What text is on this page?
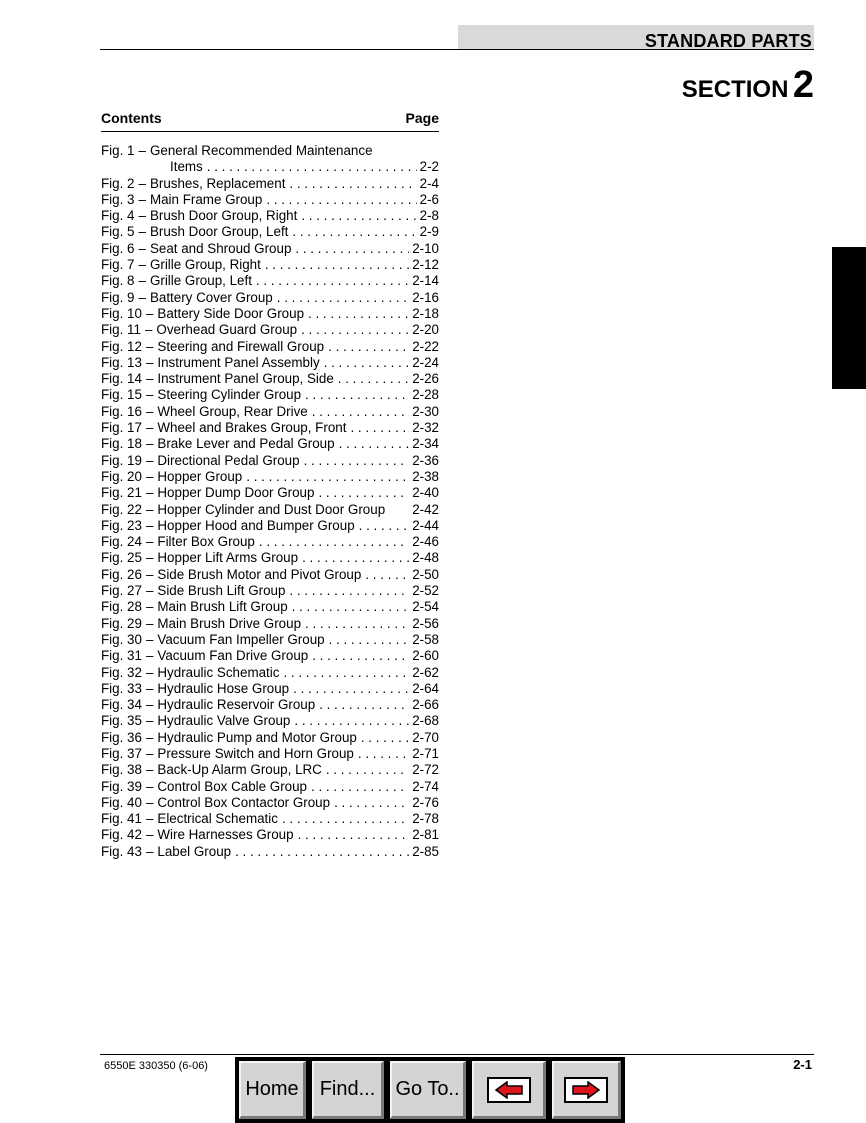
STANDARD PARTS
SECTION 2
Contents	Page
Fig. 1 – General Recommended Maintenance
Items . . .	2-2
Fig. 2 – Brushes, Replacement . . .	2-4
Fig. 3 – Main Frame Group . . .	2-6
Fig. 4 – Brush Door Group, Right . . .	2-8
Fig. 5 – Brush Door Group, Left . . .	2-9
Fig. 6 – Seat and Shroud Group . . .	2-10
Fig. 7 – Grille Group, Right . . .	2-12
Fig. 8 – Grille Group, Left . . .	2-14
Fig. 9 – Battery Cover Group . . .	2-16
Fig. 10 – Battery Side Door Group . . .	2-18
Fig. 11 – Overhead Guard Group . . .	2-20
Fig. 12 – Steering and Firewall Group . . .	2-22
Fig. 13 – Instrument Panel Assembly . . .	2-24
Fig. 14 – Instrument Panel Group, Side . . .	2-26
Fig. 15 – Steering Cylinder Group . . .	2-28
Fig. 16 – Wheel Group, Rear Drive . . .	2-30
Fig. 17 – Wheel and Brakes Group, Front . . .	2-32
Fig. 18 – Brake Lever and Pedal Group . . .	2-34
Fig. 19 – Directional Pedal Group . . .	2-36
Fig. 20 – Hopper Group . . .	2-38
Fig. 21 – Hopper Dump Door Group . . .	2-40
Fig. 22 – Hopper Cylinder and Dust Door Group 2-42
Fig. 23 – Hopper Hood and Bumper Group . . .	2-44
Fig. 24 – Filter Box Group . . .	2-46
Fig. 25 – Hopper Lift Arms Group . . .	2-48
Fig. 26 – Side Brush Motor and Pivot Group . . .	2-50
Fig. 27 – Side Brush Lift Group . . .	2-52
Fig. 28 – Main Brush Lift Group . . .	2-54
Fig. 29 – Main Brush Drive Group . . .	2-56
Fig. 30 – Vacuum Fan Impeller Group . . .	2-58
Fig. 31 – Vacuum Fan Drive Group . . .	2-60
Fig. 32 – Hydraulic Schematic . . .	2-62
Fig. 33 – Hydraulic Hose Group . . .	2-64
Fig. 34 – Hydraulic Reservoir Group . . .	2-66
Fig. 35 – Hydraulic Valve Group . . .	2-68
Fig. 36 – Hydraulic Pump and Motor Group . . .	2-70
Fig. 37 – Pressure Switch and Horn Group . . .	2-71
Fig. 38 – Back-Up Alarm Group, LRC . . .	2-72
Fig. 39 – Control Box Cable Group . . .	2-74
Fig. 40 – Control Box Contactor Group . . .	2-76
Fig. 41 – Electrical Schematic . . .	2-78
Fig. 42 – Wire Harnesses Group . . .	2-81
Fig. 43 – Label Group . . .	2-85
6550E 330350 (6-06)	2-1
Home	Find...	Go To..
